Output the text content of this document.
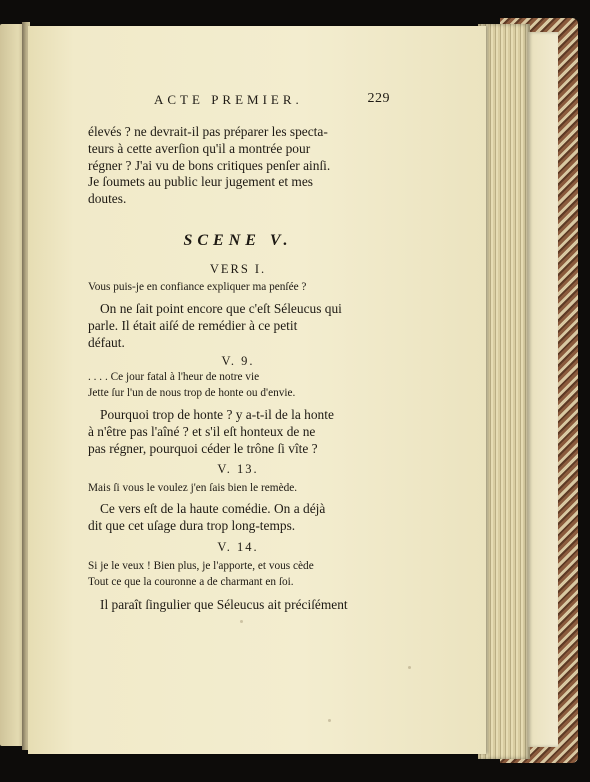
ACTE PREMIER.	229
élevés ? ne devrait-il pas préparer les specta-
teurs à cette averſion qu'il a montrée pour
régner ? J'ai vu de bons critiques penſer ainſi.
Je ſoumets au public leur jugement et mes
doutes.
SCENE V.
VERS I.
Vous puis-je en confiance expliquer ma penſée ?
On ne ſait point encore que c'eſt Séleucus qui
parle. Il était aiſé de remédier à ce petit
défaut.
V. 9.
. . . . Ce jour fatal à l'heur de notre vie
Jette ſur l'un de nous trop de honte ou d'envie.
Pourquoi trop de honte ? y a-t-il de la honte
à n'être pas l'aîné ? et s'il eſt honteux de ne
pas régner, pourquoi céder le trône ſi vîte ?
V. 13.
Mais ſi vous le voulez j'en ſais bien le remède.
Ce vers eſt de la haute comédie. On a déjà
dit que cet uſage dura trop long-temps.
V. 14.
Si je le veux ! Bien plus, je l'apporte, et vous cède
Tout ce que la couronne a de charmant en ſoi.
Il paraît ſingulier que Séleucus ait préciſément
